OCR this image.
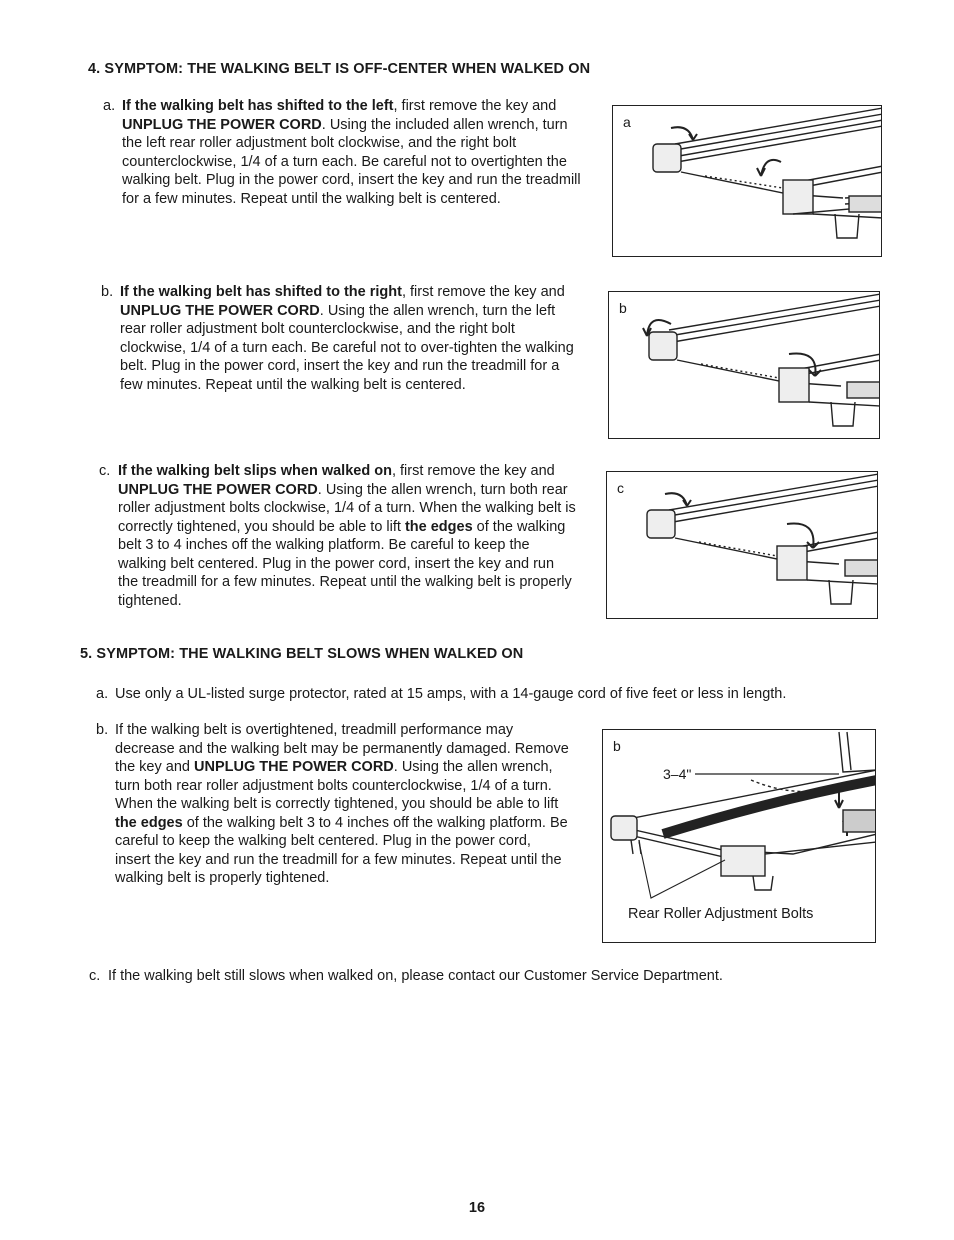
4. SYMPTOM: THE WALKING BELT IS OFF-CENTER WHEN WALKED ON
a. If the walking belt has shifted to the left, first remove the key and UNPLUG THE POWER CORD. Using the included allen wrench, turn the left rear roller adjustment bolt clockwise, and the right bolt counterclockwise, 1/4 of a turn each. Be careful not to overtighten the walking belt. Plug in the power cord, insert the key and run the treadmill for a few minutes. Repeat until the walking belt is centered.
a
b. If the walking belt has shifted to the right, first remove the key and UNPLUG THE POWER CORD. Using the allen wrench, turn the left rear roller adjustment bolt counterclockwise, and the right bolt clockwise, 1/4 of a turn each. Be careful not to over-tighten the walking belt. Plug in the power cord, insert the key and run the treadmill for a few minutes. Repeat until the walking belt is centered.
b
c. If the walking belt slips when walked on, first remove the key and UNPLUG THE POWER CORD. Using the allen wrench, turn both rear roller adjustment bolts clockwise, 1/4 of a turn. When the walking belt is correctly tightened, you should be able to lift the edges of the walking belt 3 to 4 inches off the walking platform. Be careful to keep the walking belt centered. Plug in the power cord, insert the key and run the treadmill for a few minutes. Repeat until the walking belt is properly tightened.
c
5. SYMPTOM: THE WALKING BELT SLOWS WHEN WALKED ON
a. Use only a UL-listed surge protector, rated at 15 amps, with a 14-gauge cord of five feet or less in length.
b. If the walking belt is overtightened, treadmill performance may decrease and the walking belt may be permanently damaged. Remove the key and UNPLUG THE POWER CORD. Using the allen wrench, turn both rear roller adjustment bolts counterclockwise, 1/4 of a turn. When the walking belt is correctly tightened, you should be able to lift the edges of the walking belt 3 to 4 inches off the walking platform. Be careful to keep the walking belt centered. Plug in the power cord, insert the key and run the treadmill for a few minutes. Repeat until the walking belt is properly tightened.
b
3–4"
Rear Roller Adjustment Bolts
c. If the walking belt still slows when walked on, please contact our Customer Service Department.
16
